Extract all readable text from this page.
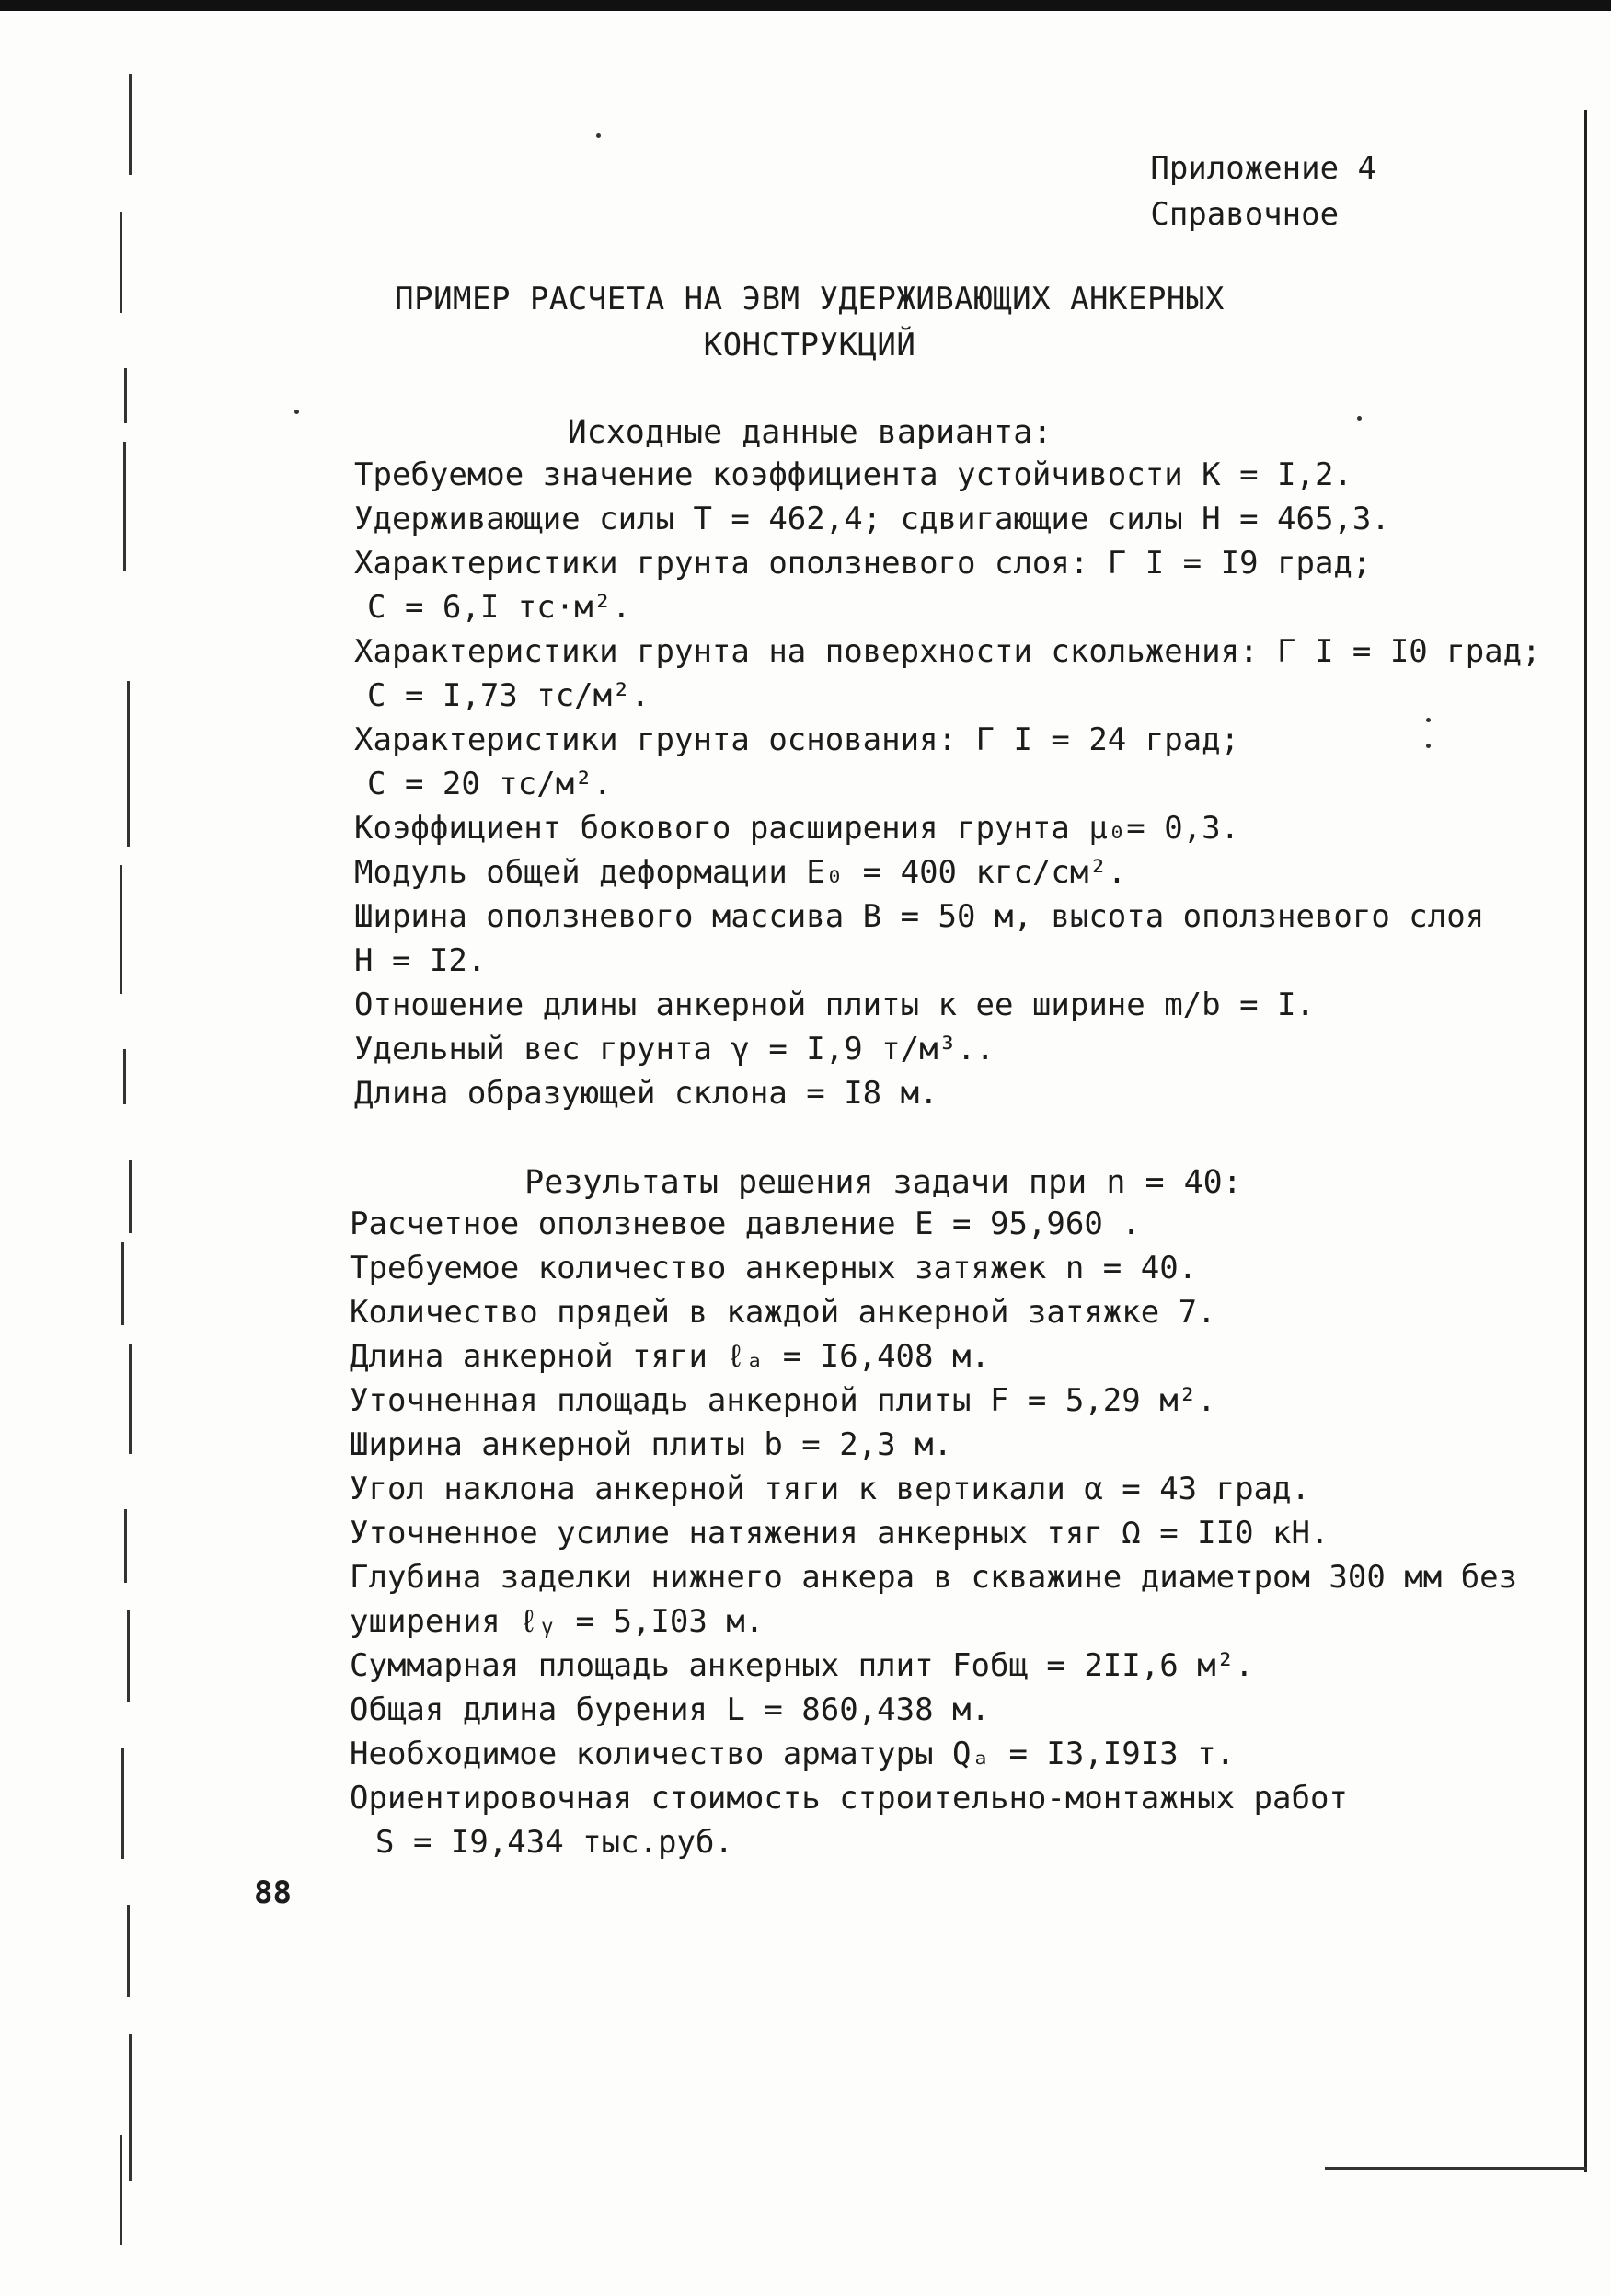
Приложение 4
Справочное
ПРИМЕР РАСЧЕТА НА ЭВМ УДЕРЖИВАЮЩИХ АНКЕРНЫХ
КОНСТРУКЦИЙ
Исходные данные варианта:
Требуемое значение коэффициента устойчивости K = I,2.
Удерживающие силы T = 462,4; сдвигающие силы H = 465,3.
Характеристики грунта оползневого слоя: Γ I = I9 град;
C = 6,I тс·м².
Характеристики грунта на поверхности скольжения: Γ I = I0 град;
C = I,73 тс/м².
Характеристики грунта основания: Γ I = 24 град;
C = 20 тс/м².
Коэффициент бокового расширения грунта μ₀= 0,3.
Модуль общей деформации E₀ = 400 кгс/см².
Ширина оползневого массива B = 50 м, высота оползневого слоя
H = I2.
Отношение длины анкерной плиты к ее ширине m/b = I.
Удельный вес грунта γ = I,9 т/м³..
Длина образующей склона = I8 м.
Результаты решения задачи при n = 40:
Расчетное оползневое давление E = 95,960 .
Требуемое количество анкерных затяжек n = 40.
Количество прядей в каждой анкерной затяжке 7.
Длина анкерной тяги ℓₐ = I6,408 м.
Уточненная площадь анкерной плиты F = 5,29 м².
Ширина анкерной плиты b = 2,3 м.
Угол наклона анкерной тяги к вертикали α = 43 град.
Уточненное усилие натяжения анкерных тяг Ω = II0 кН.
Глубина заделки нижнего анкера в скважине диаметром 300 мм без
уширения ℓᵧ = 5,I03 м.
Суммарная площадь анкерных плит Fобщ = 2II,6 м².
Общая длина бурения L = 860,438 м.
Необходимое количество арматуры Qₐ = I3,I9I3 т.
Ориентировочная стоимость строительно-монтажных работ
S = I9,434 тыс.руб.
88
